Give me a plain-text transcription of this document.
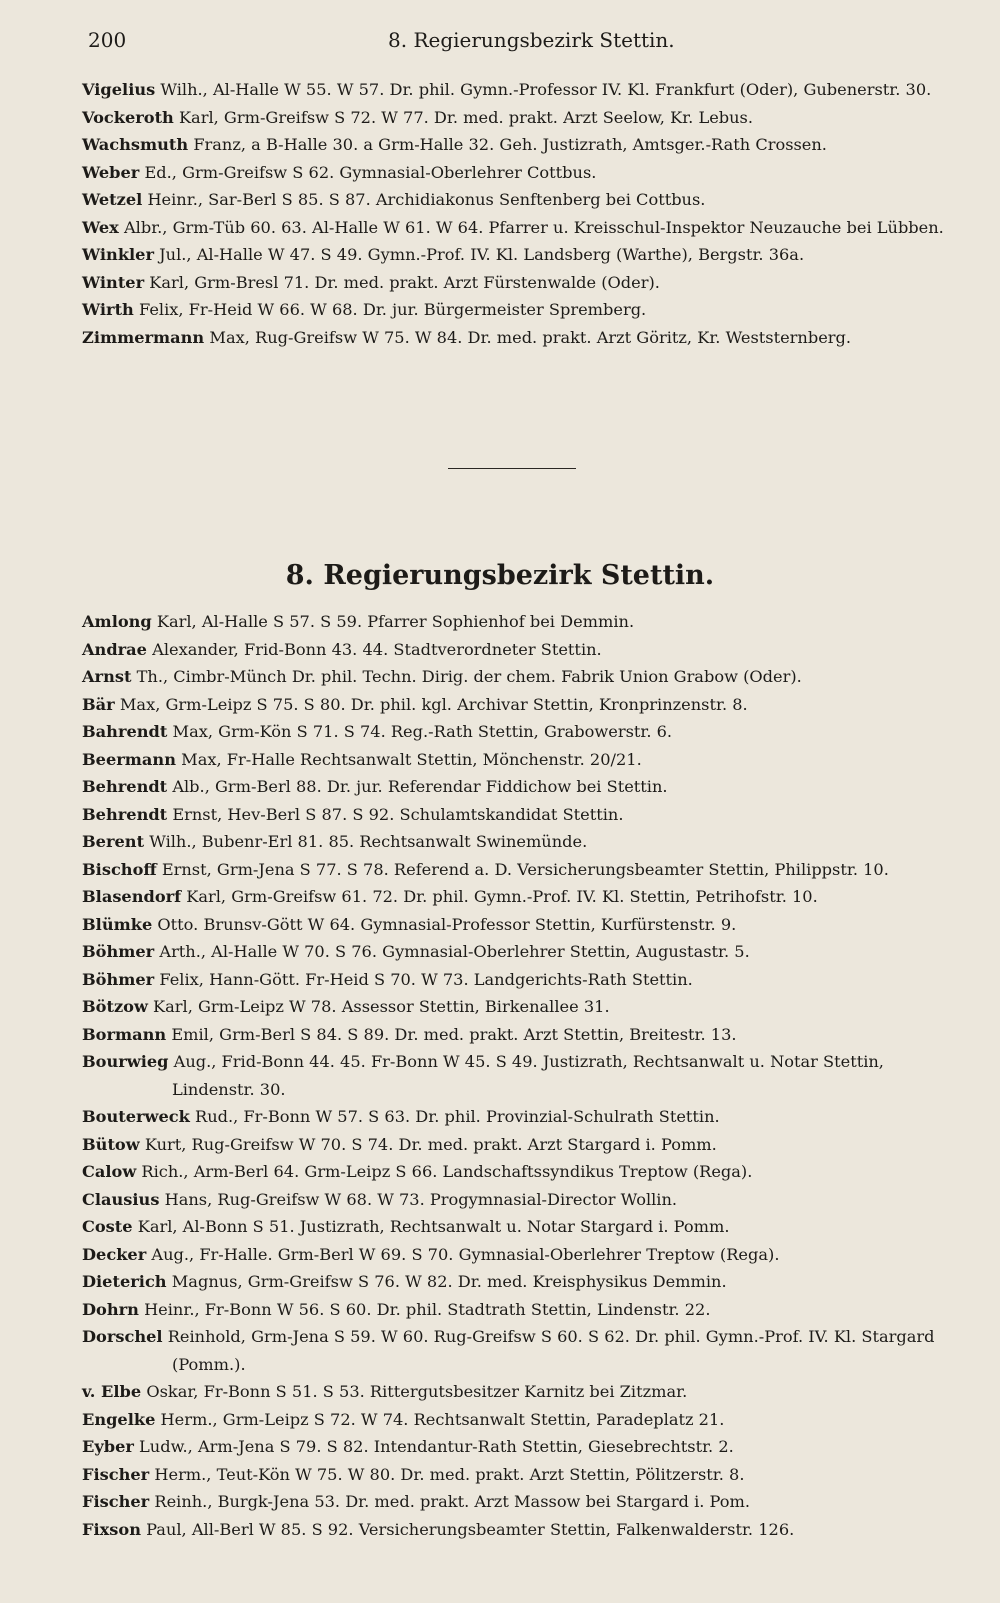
200	8. Regierungsbezirk Stettin.
Vigelius Wilh., Al-Halle W 55. W 57. Dr. phil. Gymn.-Professor IV. Kl. Frankfurt (Oder), Gubenerstr. 30.
Vockeroth Karl, Grm-Greifsw S 72. W 77. Dr. med. prakt. Arzt Seelow, Kr. Lebus.
Wachsmuth Franz, a B-Halle 30. a Grm-Halle 32. Geh. Justizrath, Amtsger.-Rath Crossen.
Weber Ed., Grm-Greifsw S 62. Gymnasial-Oberlehrer Cottbus.
Wetzel Heinr., Sar-Berl S 85. S 87. Archidiakonus Senftenberg bei Cottbus.
Wex Albr., Grm-Tüb 60. 63. Al-Halle W 61. W 64. Pfarrer u. Kreisschul-Inspektor Neuzauche bei Lübben.
Winkler Jul., Al-Halle W 47. S 49. Gymn.-Prof. IV. Kl. Landsberg (Warthe), Bergstr. 36a.
Winter Karl, Grm-Bresl 71. Dr. med. prakt. Arzt Fürstenwalde (Oder).
Wirth Felix, Fr-Heid W 66. W 68. Dr. jur. Bürgermeister Spremberg.
Zimmermann Max, Rug-Greifsw W 75. W 84. Dr. med. prakt. Arzt Göritz, Kr. Weststernberg.
8. Regierungsbezirk Stettin.
Amlong Karl, Al-Halle S 57. S 59. Pfarrer Sophienhof bei Demmin.
Andrae Alexander, Frid-Bonn 43. 44. Stadtverordneter Stettin.
Arnst Th., Cimbr-Münch Dr. phil. Techn. Dirig. der chem. Fabrik Union Grabow (Oder).
Bär Max, Grm-Leipz S 75. S 80. Dr. phil. kgl. Archivar Stettin, Kronprinzenstr. 8.
Bahrendt Max, Grm-Kön S 71. S 74. Reg.-Rath Stettin, Grabowerstr. 6.
Beermann Max, Fr-Halle Rechtsanwalt Stettin, Mönchenstr. 20/21.
Behrendt Alb., Grm-Berl 88. Dr. jur. Referendar Fiddichow bei Stettin.
Behrendt Ernst, Hev-Berl S 87. S 92. Schulamtskandidat Stettin.
Berent Wilh., Bubenr-Erl 81. 85. Rechtsanwalt Swinemünde.
Bischoff Ernst, Grm-Jena S 77. S 78. Referend a. D. Versicherungsbeamter Stettin, Philippstr. 10.
Blasendorf Karl, Grm-Greifsw 61. 72. Dr. phil. Gymn.-Prof. IV. Kl. Stettin, Petrihofstr. 10.
Blümke Otto. Brunsv-Gött W 64. Gymnasial-Professor Stettin, Kurfürstenstr. 9.
Böhmer Arth., Al-Halle W 70. S 76. Gymnasial-Oberlehrer Stettin, Augustastr. 5.
Böhmer Felix, Hann-Gött. Fr-Heid S 70. W 73. Landgerichts-Rath Stettin.
Bötzow Karl, Grm-Leipz W 78. Assessor Stettin, Birkenallee 31.
Bormann Emil, Grm-Berl S 84. S 89. Dr. med. prakt. Arzt Stettin, Breitestr. 13.
Bourwieg Aug., Frid-Bonn 44. 45. Fr-Bonn W 45. S 49. Justizrath, Rechtsanwalt u. Notar Stettin, Lindenstr. 30.
Bouterweck Rud., Fr-Bonn W 57. S 63. Dr. phil. Provinzial-Schulrath Stettin.
Bütow Kurt, Rug-Greifsw W 70. S 74. Dr. med. prakt. Arzt Stargard i. Pomm.
Calow Rich., Arm-Berl 64. Grm-Leipz S 66. Landschaftssyndikus Treptow (Rega).
Clausius Hans, Rug-Greifsw W 68. W 73. Progymnasial-Director Wollin.
Coste Karl, Al-Bonn S 51. Justizrath, Rechtsanwalt u. Notar Stargard i. Pomm.
Decker Aug., Fr-Halle. Grm-Berl W 69. S 70. Gymnasial-Oberlehrer Treptow (Rega).
Dieterich Magnus, Grm-Greifsw S 76. W 82. Dr. med. Kreisphysikus Demmin.
Dohrn Heinr., Fr-Bonn W 56. S 60. Dr. phil. Stadtrath Stettin, Lindenstr. 22.
Dorschel Reinhold, Grm-Jena S 59. W 60. Rug-Greifsw S 60. S 62. Dr. phil. Gymn.-Prof. IV. Kl. Stargard (Pomm.).
v. Elbe Oskar, Fr-Bonn S 51. S 53. Rittergutsbesitzer Karnitz bei Zitzmar.
Engelke Herm., Grm-Leipz S 72. W 74. Rechtsanwalt Stettin, Paradeplatz 21.
Eyber Ludw., Arm-Jena S 79. S 82. Intendantur-Rath Stettin, Giesebrechtstr. 2.
Fischer Herm., Teut-Kön W 75. W 80. Dr. med. prakt. Arzt Stettin, Pölitzerstr. 8.
Fischer Reinh., Burgk-Jena 53. Dr. med. prakt. Arzt Massow bei Stargard i. Pom.
Fixson Paul, All-Berl W 85. S 92. Versicherungsbeamter Stettin, Falkenwalderstr. 126.
